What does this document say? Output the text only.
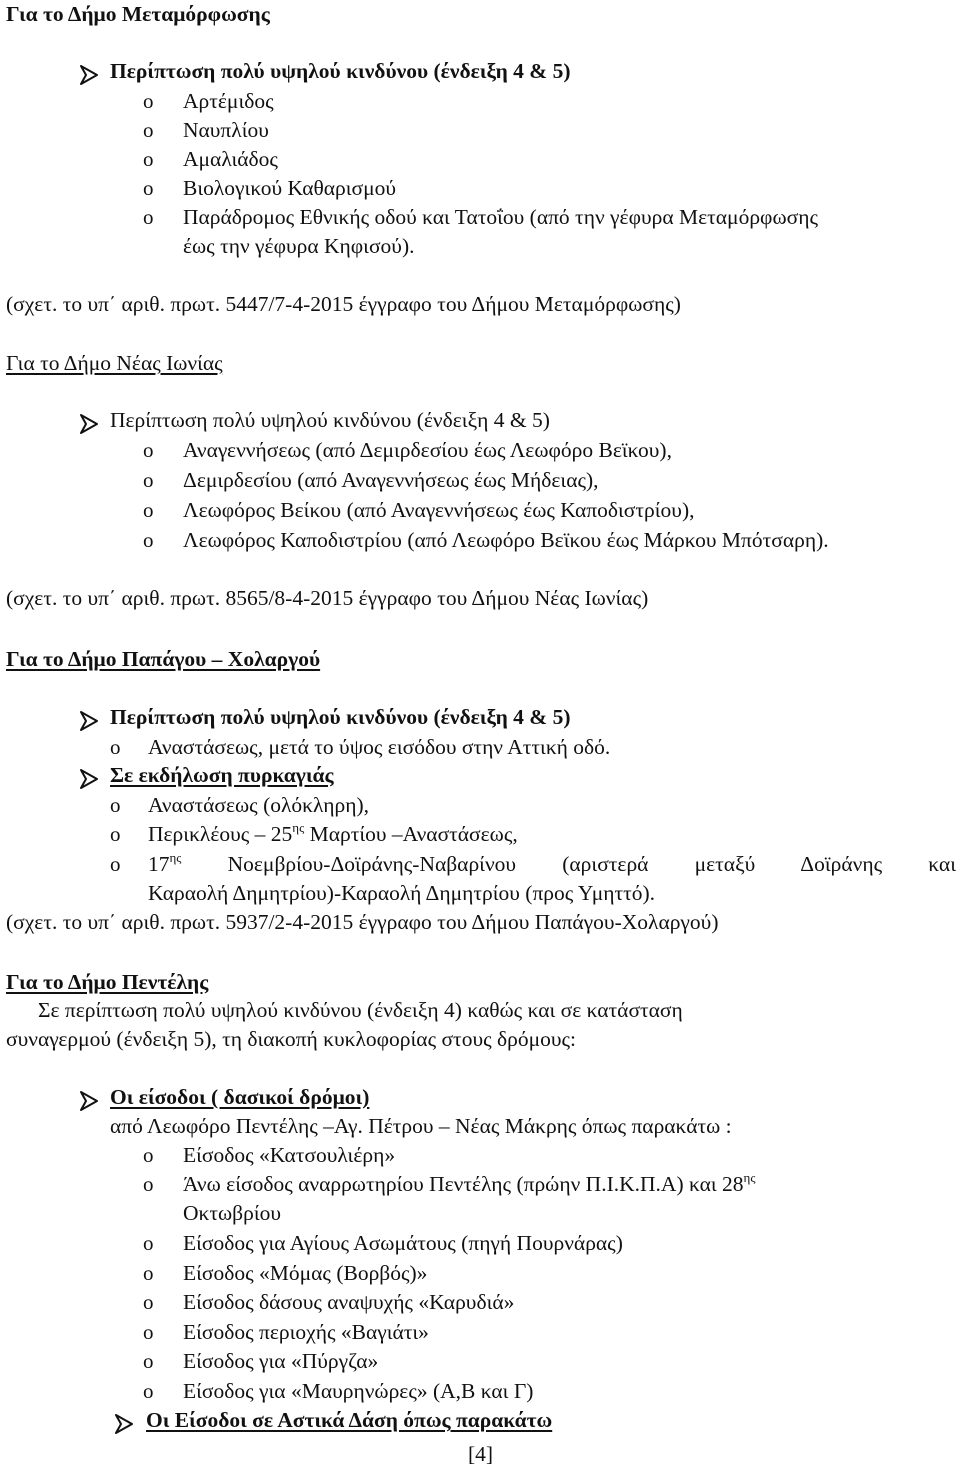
Για το Δήμο Μεταμόρφωσης
Περίπτωση πολύ υψηλού κινδύνου (ένδειξη 4 & 5)
o Αρτέμιδος
o Ναυπλίου
o Αμαλιάδος
o Βιολογικού Καθαρισμού
o Παράδρομος Εθνικής οδού και Τατοΐου (από την γέφυρα Μεταμόρφωσης
έως την γέφυρα Κηφισού).
(σχετ. το υπ΄ αριθ. πρωτ. 5447/7-4-2015 έγγραφο του Δήμου Μεταμόρφωσης)
Για το Δήμο Νέας Ιωνίας
Περίπτωση πολύ υψηλού κινδύνου (ένδειξη 4 & 5)
o Αναγεννήσεως (από Δεμιρδεσίου έως Λεωφόρο Βεϊκου),
o Δεμιρδεσίου (από Αναγεννήσεως έως Μήδειας),
o Λεωφόρος Βείκου (από Αναγεννήσεως έως Καποδιστρίου),
o Λεωφόρος Καποδιστρίου (από Λεωφόρο Βεϊκου έως Μάρκου Μπότσαρη).
(σχετ. το υπ΄ αριθ. πρωτ. 8565/8-4-2015 έγγραφο του Δήμου Νέας Ιωνίας)
Για το Δήμο Παπάγου – Χολαργού
Περίπτωση πολύ υψηλού κινδύνου (ένδειξη 4 & 5)
o Αναστάσεως, μετά το ύψος εισόδου στην Αττική οδό.
Σε εκδήλωση πυρκαγιάς
o Αναστάσεως (ολόκληρη),
o Περικλέους – $25^{\eta\varsigma}$ Μαρτίου –Αναστάσεως,
o $17^{\eta\varsigma}$ Νοεμβρίου-Δοϊράνης-Ναβαρίνου (αριστερά μεταξύ Δοϊράνης και
Καραολή Δημητρίου)-Καραολή Δημητρίου (προς Υμηττό).
(σχετ. το υπ΄ αριθ. πρωτ. 5937/2-4-2015 έγγραφο του Δήμου Παπάγου-Χολαργού)
Για το Δήμο Πεντέλης
Σε περίπτωση πολύ υψηλού κινδύνου (ένδειξη 4) καθώς και σε κατάσταση
συναγερμού (ένδειξη 5), τη διακοπή κυκλοφορίας στους δρόμους:
Οι είσοδοι ( δασικοί δρόμοι)
από Λεωφόρο Πεντέλης –Αγ. Πέτρου – Νέας Μάκρης όπως παρακάτω :
o Είσοδος «Κατσουλιέρη»
o Άνω είσοδος αναρρωτηρίου Πεντέλης (πρώην Π.Ι.Κ.Π.Α) και $28^{\eta\varsigma}$
Οκτωβρίου
o Είσοδος για Αγίους Ασωμάτους (πηγή Πουρνάρας)
o Είσοδος «Μόμας (Βορβός)»
o Είσοδος δάσους αναψυχής «Καρυδιά»
o Είσοδος περιοχής «Βαγιάτι»
o Είσοδος για «Πύργζα»
o Είσοδος για «Μαυρηνώρες» (Α,Β και Γ)
Οι Είσοδοι σε Αστικά Δάση όπως παρακάτω
[4]
